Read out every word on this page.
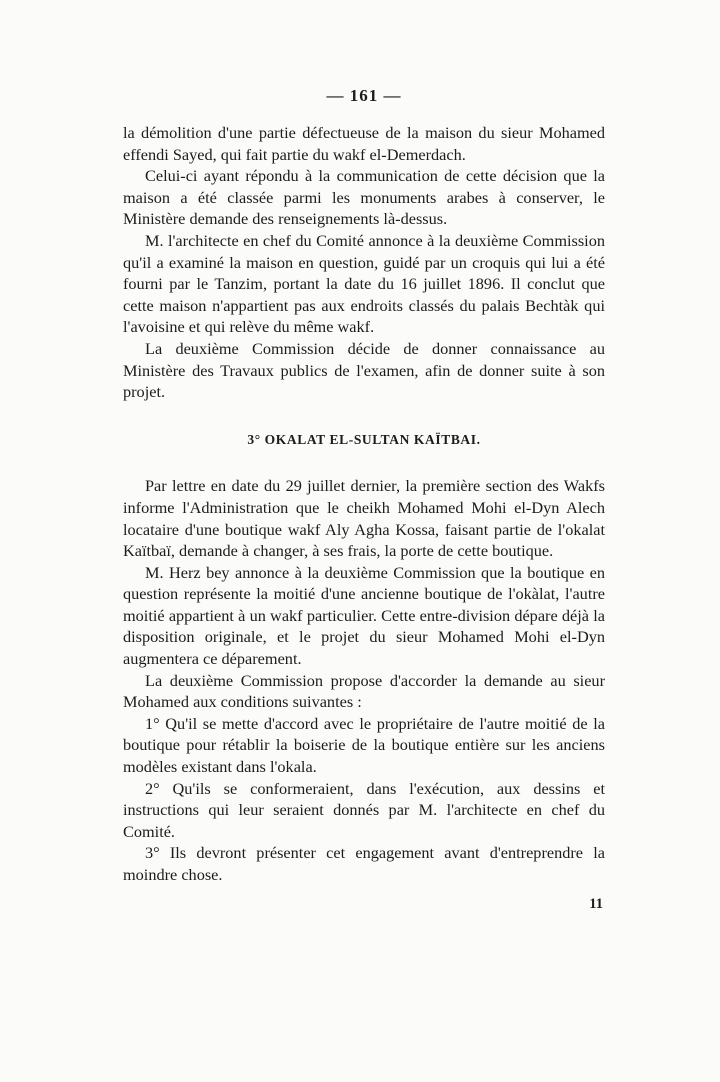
— 161 —

la démolition d'une partie défectueuse de la maison du sieur Mohamed effendi Sayed, qui fait partie du wakf el-Demerdach.

Celui-ci ayant répondu à la communication de cette décision que la maison a été classée parmi les monuments arabes à conserver, le Ministère demande des renseignements là-dessus.

M. l'architecte en chef du Comité annonce à la deuxième Commission qu'il a examiné la maison en question, guidé par un croquis qui lui a été fourni par le Tanzim, portant la date du 16 juillet 1896. Il conclut que cette maison n'appartient pas aux endroits classés du palais Bechtàk qui l'avoisine et qui relève du même wakf.

La deuxième Commission décide de donner connaissance au Ministère des Travaux publics de l'examen, afin de donner suite à son projet.

3° OKALAT EL-SULTAN KAÏTBAI.

Par lettre en date du 29 juillet dernier, la première section des Wakfs informe l'Administration que le cheikh Mohamed Mohi el-Dyn Alech locataire d'une boutique wakf Aly Agha Kossa, faisant partie de l'okalat Kaïtbaï, demande à changer, à ses frais, la porte de cette boutique.

M. Herz bey annonce à la deuxième Commission que la boutique en question représente la moitié d'une ancienne boutique de l'okàlat, l'autre moitié appartient à un wakf particulier. Cette entre-division dépare déjà la disposition originale, et le projet du sieur Mohamed Mohi el-Dyn augmentera ce déparement.

La deuxième Commission propose d'accorder la demande au sieur Mohamed aux conditions suivantes :

1° Qu'il se mette d'accord avec le propriétaire de l'autre moitié de la boutique pour rétablir la boiserie de la boutique entière sur les anciens modèles existant dans l'okala.

2° Qu'ils se conformeraient, dans l'exécution, aux dessins et instructions qui leur seraient donnés par M. l'architecte en chef du Comité.

3° Ils devront présenter cet engagement avant d'entreprendre la moindre chose.

11
